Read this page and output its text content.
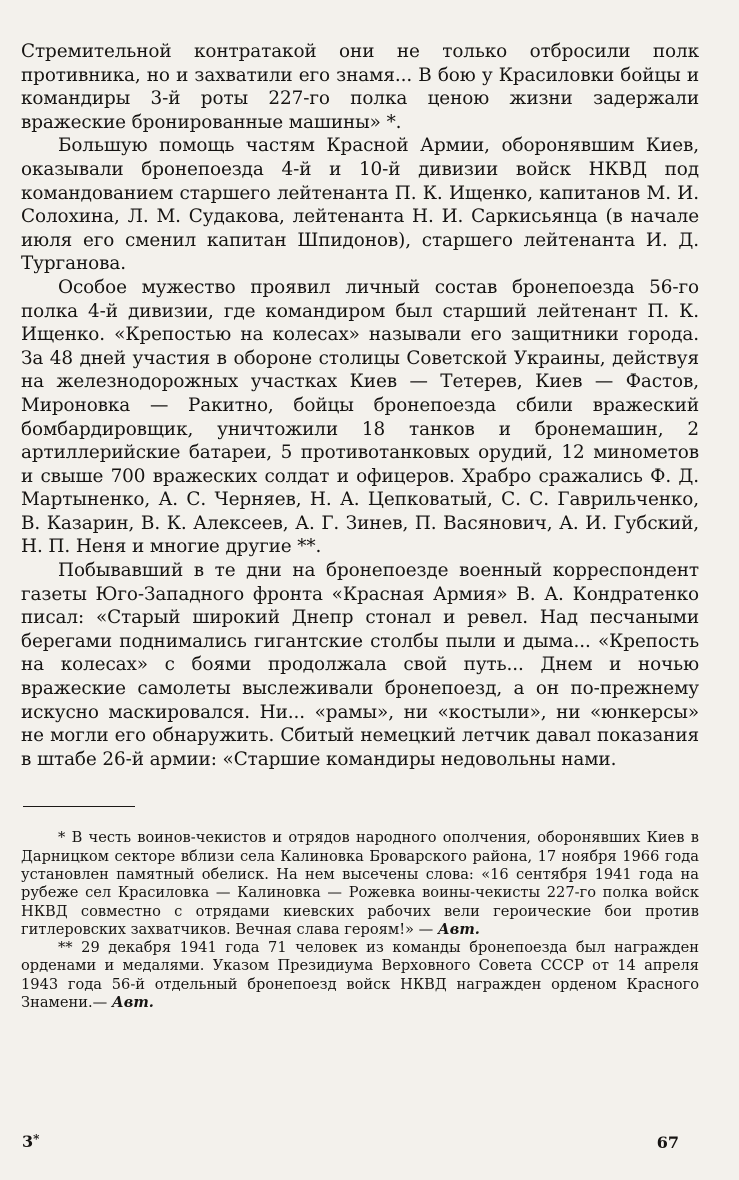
Стремительной контратакой они не только отбросили полк противника, но и захватили его знамя... В бою у Красиловки бойцы и командиры 3-й роты 227-го полка ценою жизни задержали вражеские бронированные машины» *.

Большую помощь частям Красной Армии, оборонявшим Киев, оказывали бронепоезда 4-й и 10-й дивизии войск НКВД под командованием старшего лейтенанта П. К. Ищенко, капитанов М. И. Солохина, Л. М. Судакова, лейтенанта Н. И. Саркисьянца (в начале июля его сменил капитан Шпидонов), старшего лейтенанта И. Д. Турганова.

Особое мужество проявил личный состав бронепоезда 56-го полка 4-й дивизии, где командиром был старший лейтенант П. К. Ищенко. «Крепостью на колесах» называли его защитники города. За 48 дней участия в обороне столицы Советской Украины, действуя на железнодорожных участках Киев — Тетерев, Киев — Фастов, Мироновка — Ракитно, бойцы бронепоезда сбили вражеский бомбардировщик, уничтожили 18 танков и бронемашин, 2 артиллерийские батареи, 5 противотанковых орудий, 12 минометов и свыше 700 вражеских солдат и офицеров. Храбро сражались Ф. Д. Мартыненко, А. С. Черняев, Н. А. Цепковатый, С. С. Гаврильченко, В. Казарин, В. К. Алексеев, А. Г. Зинев, П. Васянович, А. И. Губский, Н. П. Неня и многие другие **.

Побывавший в те дни на бронепоезде военный корреспондент газеты Юго-Западного фронта «Красная Армия» В. А. Кондратенко писал: «Старый широкий Днепр стонал и ревел. Над песчаными берегами поднимались гигантские столбы пыли и дыма... «Крепость на колесах» с боями продолжала свой путь... Днем и ночью вражеские самолеты выслеживали бронепоезд, а он по-прежнему искусно маскировался. Ни... «рамы», ни «костыли», ни «юнкерсы» не могли его обнаружить. Сбитый немецкий летчик давал показания в штабе 26-й армии: «Старшие командиры недовольны нами.

* В честь воинов-чекистов и отрядов народного ополчения, оборонявших Киев в Дарницком секторе вблизи села Калиновка Броварского района, 17 ноября 1966 года установлен памятный обелиск. На нем высечены слова: «16 сентября 1941 года на рубеже сел Красиловка — Калиновка — Рожевка воины-чекисты 227-го полка войск НКВД совместно с отрядами киевских рабочих вели героические бои против гитлеровских захватчиков. Вечная слава героям!» — Авт.

** 29 декабря 1941 года 71 человек из команды бронепоезда был награжден орденами и медалями. Указом Президиума Верховного Совета СССР от 14 апреля 1943 года 56-й отдельный бронепоезд войск НКВД награжден орденом Красного Знамени.— Авт.

3*	67
